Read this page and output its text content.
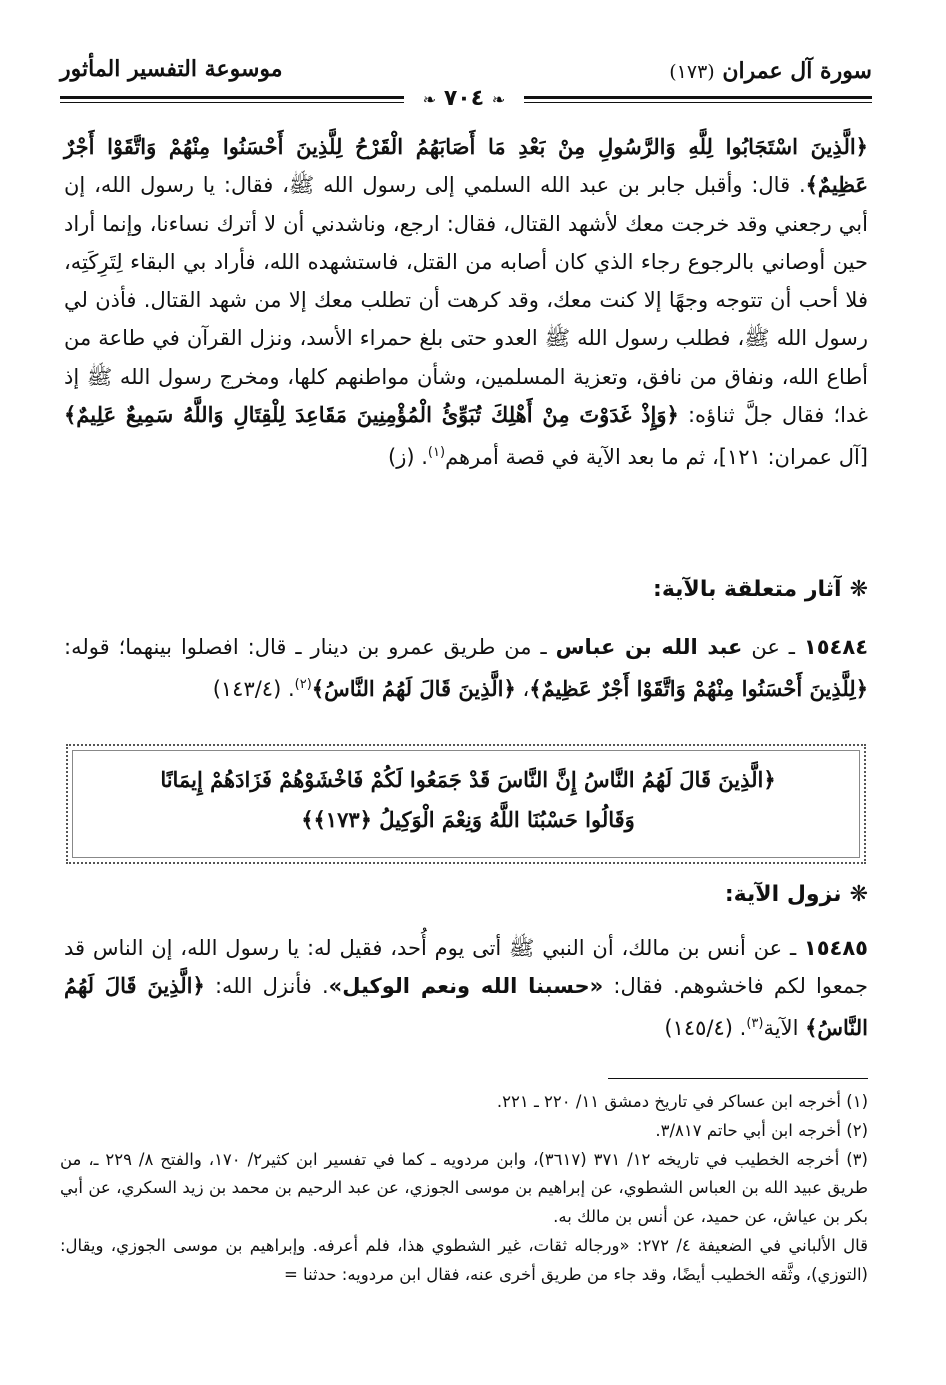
موسوعة التفسير المأثور	سورة آل عمران (١٧٣)
❧ ٧٠٤ ❧
﴿الَّذِينَ اسْتَجَابُوا لِلَّهِ وَالرَّسُولِ مِنْ بَعْدِ مَا أَصَابَهُمُ الْقَرْحُ لِلَّذِينَ أَحْسَنُوا مِنْهُمْ وَاتَّقَوْا أَجْرٌ عَظِيمٌ﴾. قال: وأقبل جابر بن عبد الله السلمي إلى رسول الله ﷺ، فقال: يا رسول الله، إن أبي رجعني وقد خرجت معك لأشهد القتال، فقال: ارجع، وناشدني أن لا أترك نساءنا، وإنما أراد حين أوصاني بالرجوع رجاء الذي كان أصابه من القتل، فاستشهده الله، فأراد بي البقاء لِتَرِكَتِه، فلا أحب أن تتوجه وجهًا إلا كنت معك، وقد كرهت أن تطلب معك إلا من شهد القتال. فأذن لي رسول الله ﷺ، فطلب رسول الله ﷺ العدو حتى بلغ حمراء الأسد، ونزل القرآن في طاعة من أطاع الله، ونفاق من نافق، وتعزية المسلمين، وشأن مواطنهم كلها، ومخرج رسول الله ﷺ إذ غدا؛ فقال جلَّ ثناؤه: ﴿وَإِذْ غَدَوْتَ مِنْ أَهْلِكَ تُبَوِّئُ الْمُؤْمِنِينَ مَقَاعِدَ لِلْقِتَالِ وَاللَّهُ سَمِيعٌ عَلِيمٌ﴾ [آل عمران: ١٢١]، ثم ما بعد الآية في قصة أمرهم$^{(١)}$. (ز)
❋آثار متعلقة بالآية:
١٥٤٨٤ ـ عن عبد الله بن عباس ـ من طريق عمرو بن دينار ـ قال: افصلوا بينهما؛ قوله: ﴿لِلَّذِينَ أَحْسَنُوا مِنْهُمْ وَاتَّقَوْا أَجْرٌ عَظِيمٌ﴾، ﴿الَّذِينَ قَالَ لَهُمُ النَّاسُ﴾$^{(٢)}$. (١٤٣/٤)
﴿الَّذِينَ قَالَ لَهُمُ النَّاسُ إِنَّ النَّاسَ قَدْ جَمَعُوا لَكُمْ فَاخْشَوْهُمْ فَزَادَهُمْ إِيمَانًا
وَقَالُوا حَسْبُنَا اللَّهُ وَنِعْمَ الْوَكِيلُ ﴿١٧٣﴾﴾
❋نزول الآية:
١٥٤٨٥ ـ عن أنس بن مالك، أن النبي ﷺ أتى يوم أُحد، فقيل له: يا رسول الله، إن الناس قد جمعوا لكم فاخشوهم. فقال: «حسبنا الله ونعم الوكيل». فأنزل الله: ﴿الَّذِينَ قَالَ لَهُمُ النَّاسُ﴾ الآية$^{(٣)}$. (١٤٥/٤)

(١) أخرجه ابن عساكر في تاريخ دمشق ١١/ ٢٢٠ ـ ٢٢١.

(٢) أخرجه ابن أبي حاتم ٣/٨١٧.

(٣) أخرجه الخطيب في تاريخه ١٢/ ٣٧١ (٣٦١٧)، وابن مردويه ـ كما في تفسير ابن كثير٢/ ١٧٠، والفتح ٨/ ٢٢٩ ـ، من طريق عبيد الله بن العباس الشطوي، عن إبراهيم بن موسى الجوزي، عن عبد الرحيم بن محمد بن زيد السكري، عن أبي بكر بن عياش، عن حميد، عن أنس بن مالك به.

قال الألباني في الضعيفة ٤/ ٢٧٢: «ورجاله ثقات، غير الشطوي هذا، فلم أعرفه. وإبراهيم بن موسى الجوزي، ويقال: (التوزي)، وثَّقه الخطيب أيضًا، وقد جاء من طريق أخرى عنه، فقال ابن مردويه: حدثنا =
